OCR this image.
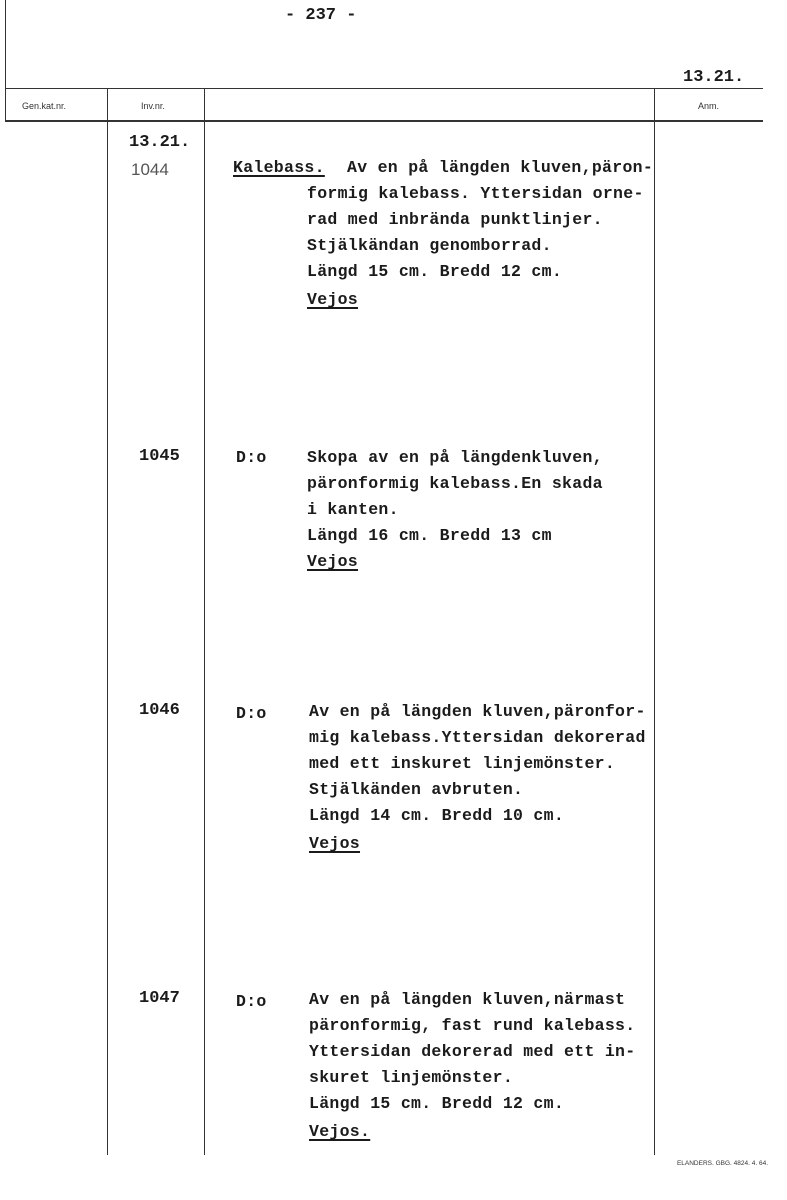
- 237 -
13.21.
Gen.kat.nr.	Inv.nr.	Anm.
13.21.
1044	Kalebass. Av en på längden kluven,päron-
formig kalebass. Yttersidan orne-
rad med inbrända punktlinjer.
Stjälkändan genomborrad.
Längd 15 cm. Bredd 12 cm.
Vejos
1045	D:o Skopa av en på längdenkluven,
päronformig kalebass.En skada
i kanten.
Längd 16 cm. Bredd 13 cm
Vejos
1046	D:o	Av en på längden kluven,päronfor-
mig kalebass.Yttersidan dekorerad
med ett inskuret linjemönster.
Stjälkänden avbruten.
Längd 14 cm. Bredd 10 cm.
Vejos
1047	D:o	Av en på längden kluven,närmast
päronformig, fast rund kalebass.
Yttersidan dekorerad med ett in-
skuret linjemönster.
Längd 15 cm. Bredd 12 cm.
Vejos.
ELANDERS. GBG. 4824. 4. 64.
